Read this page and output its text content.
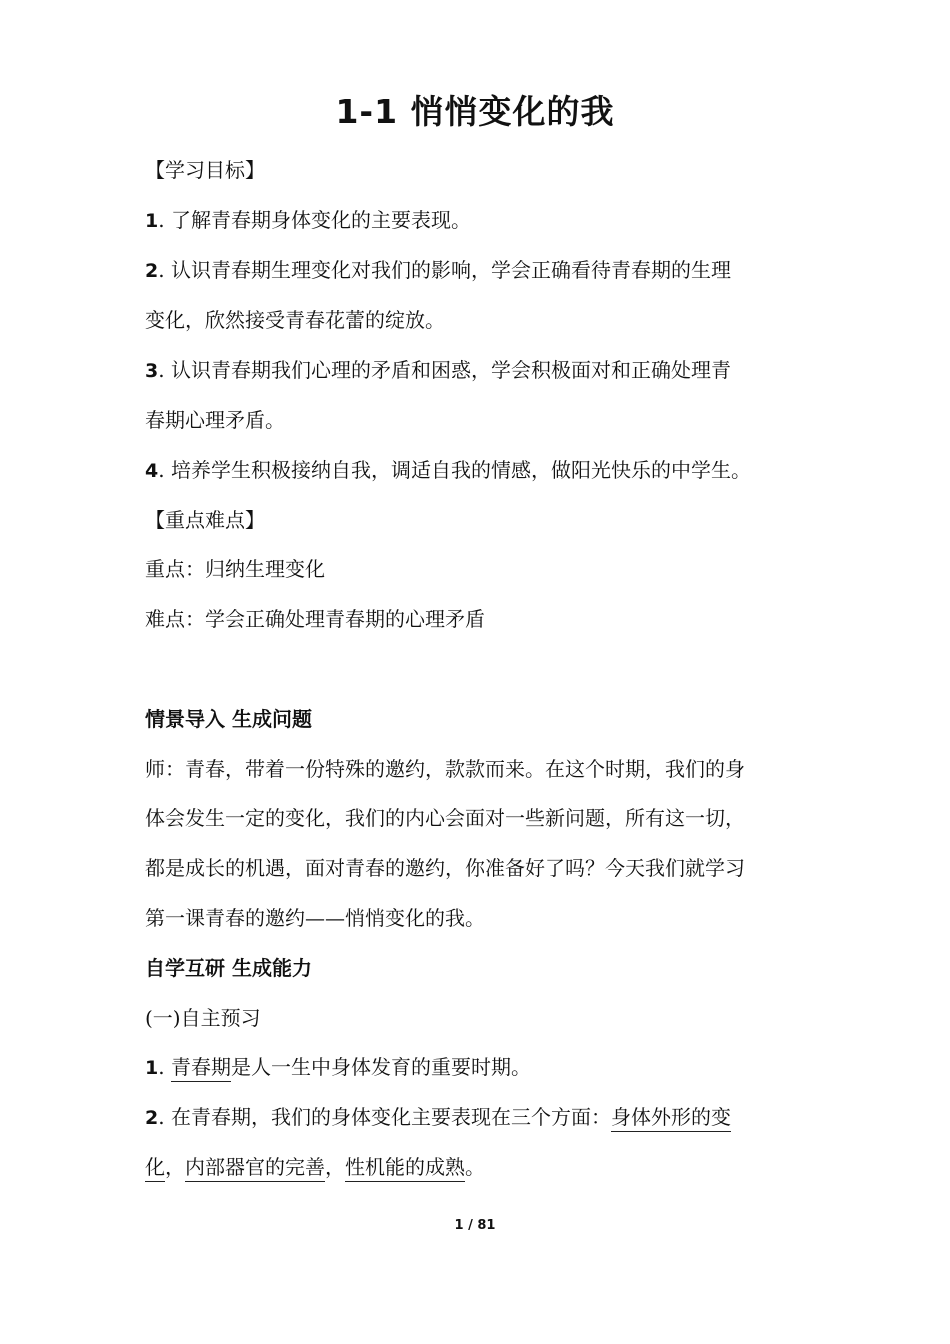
1-1 悄悄变化的我
【学习目标】
1. 了解青春期身体变化的主要表现。
2. 认识青春期生理变化对我们的影响，学会正确看待青春期的生理
变化，欣然接受青春花蕾的绽放。
3. 认识青春期我们心理的矛盾和困惑，学会积极面对和正确处理青
春期心理矛盾。
4. 培养学生积极接纳自我，调适自我的情感，做阳光快乐的中学生。
【重点难点】
重点：归纳生理变化
难点：学会正确处理青春期的心理矛盾
情景导入 生成问题
师：青春，带着一份特殊的邀约，款款而来。在这个时期，我们的身
体会发生一定的变化，我们的内心会面对一些新问题，所有这一切，
都是成长的机遇，面对青春的邀约，你准备好了吗？今天我们就学习
第一课青春的邀约——悄悄变化的我。
自学互研 生成能力
(一)自主预习
1. 青春期是人一生中身体发育的重要时期。
2. 在青春期，我们的身体变化主要表现在三个方面：身体外形的变
化，内部器官的完善，性机能的成熟。
1 / 81
